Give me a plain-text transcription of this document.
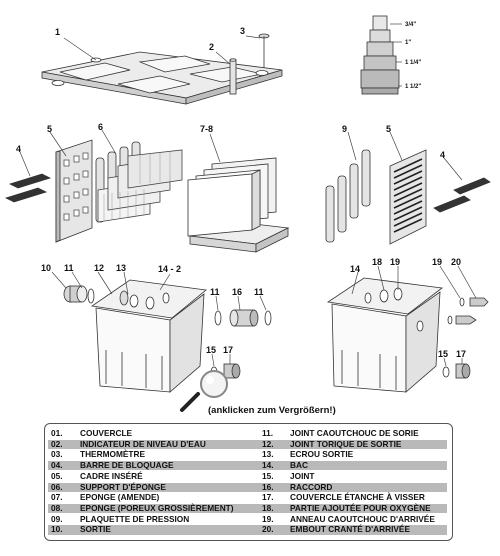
1
2
3
4
5	6	7-8	9	5
4
10 11 12 13	14 - 2
11 16 11
15 17
14
18 19	19 20
15 17
3/4"
1"
1 1/4"
1 1/2"
(anklicken zum Vergrößern!)
01. COUVERCLE
02. INDICATEUR DE NIVEAU D'EAU
03. THERMOMÈTRE
04. BARRE DE BLOQUAGE
05. CADRE INSÉRÉ
06. SUPPORT D'ÉPONGE
07. EPONGE (AMENDE)
08. EPONGE (POREUX GROSSIÈREMENT)
09. PLAQUETTE DE PRESSION
10. SORTIE
11. JOINT CAOUTCHOUC DE SORIE
12. JOINT TORIQUE DE SORTIE
13. ECROU SORTIE
14. BAC
15. JOINT
16. RACCORD
17. COUVERCLE ÉTANCHE À VISSER
18. PARTIE AJOUTÉE POUR OXYGÈNE
19. ANNEAU CAOUTCHOUC D'ARRIVÉE
20. EMBOUT CRANTÉ D'ARRIVÉE
